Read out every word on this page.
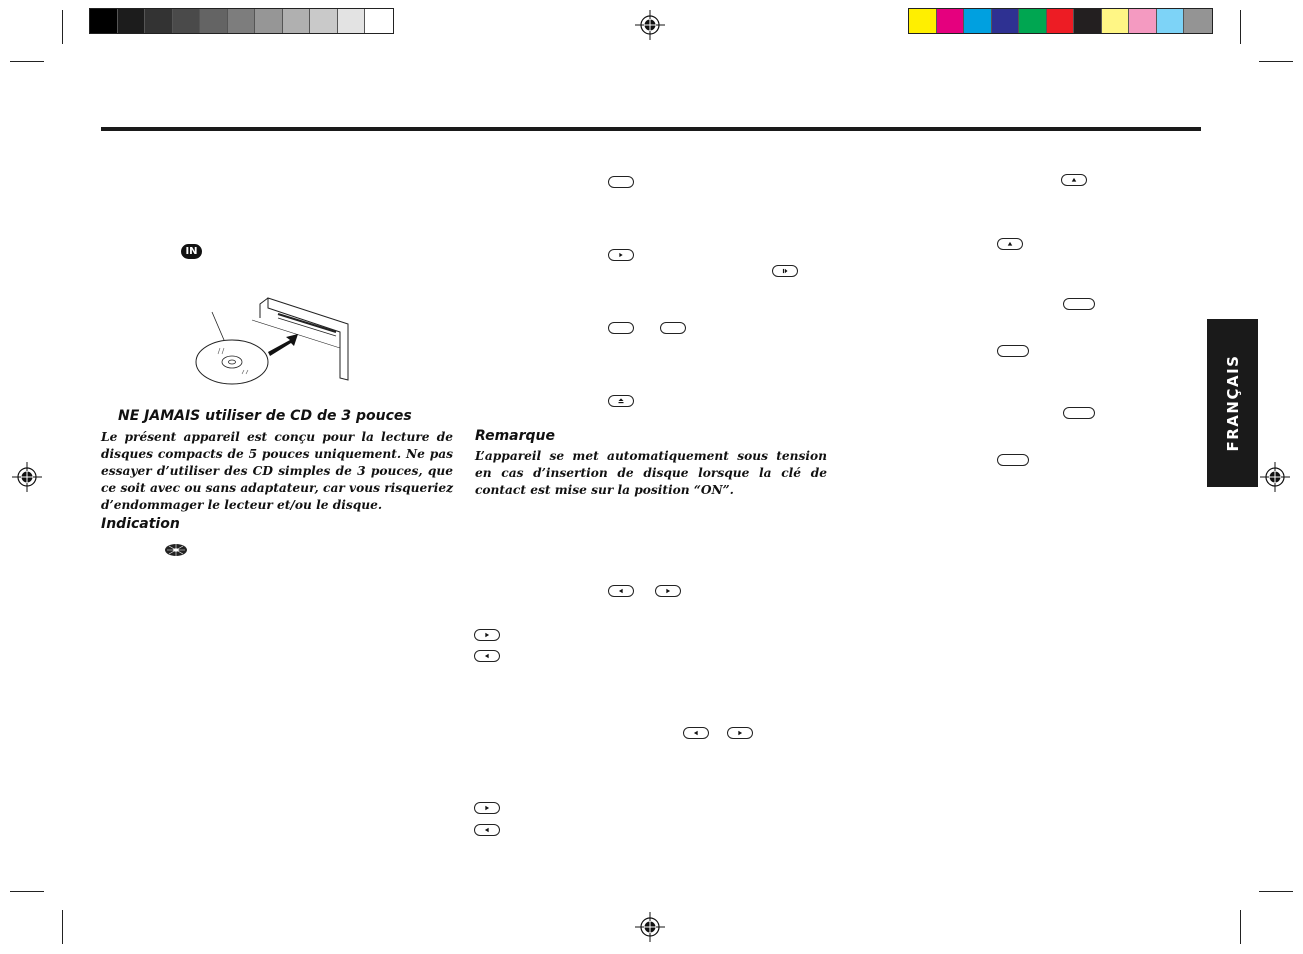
IN
NE JAMAIS utiliser de CD de 3 pouces

Le présent appareil est conçu pour la lecture de disques compacts de 5 pouces uniquement. Ne pas essayer d’utiliser des CD simples de 3 pouces, que ce soit avec ou sans adaptateur, car vous risqueriez d’endommager le lecteur et/ou le disque.

Indication
Remarque

L’appareil se met automatiquement sous tension en cas d’insertion de disque lorsque la clé de contact est mise sur la position “ON”.

FRANÇAIS
